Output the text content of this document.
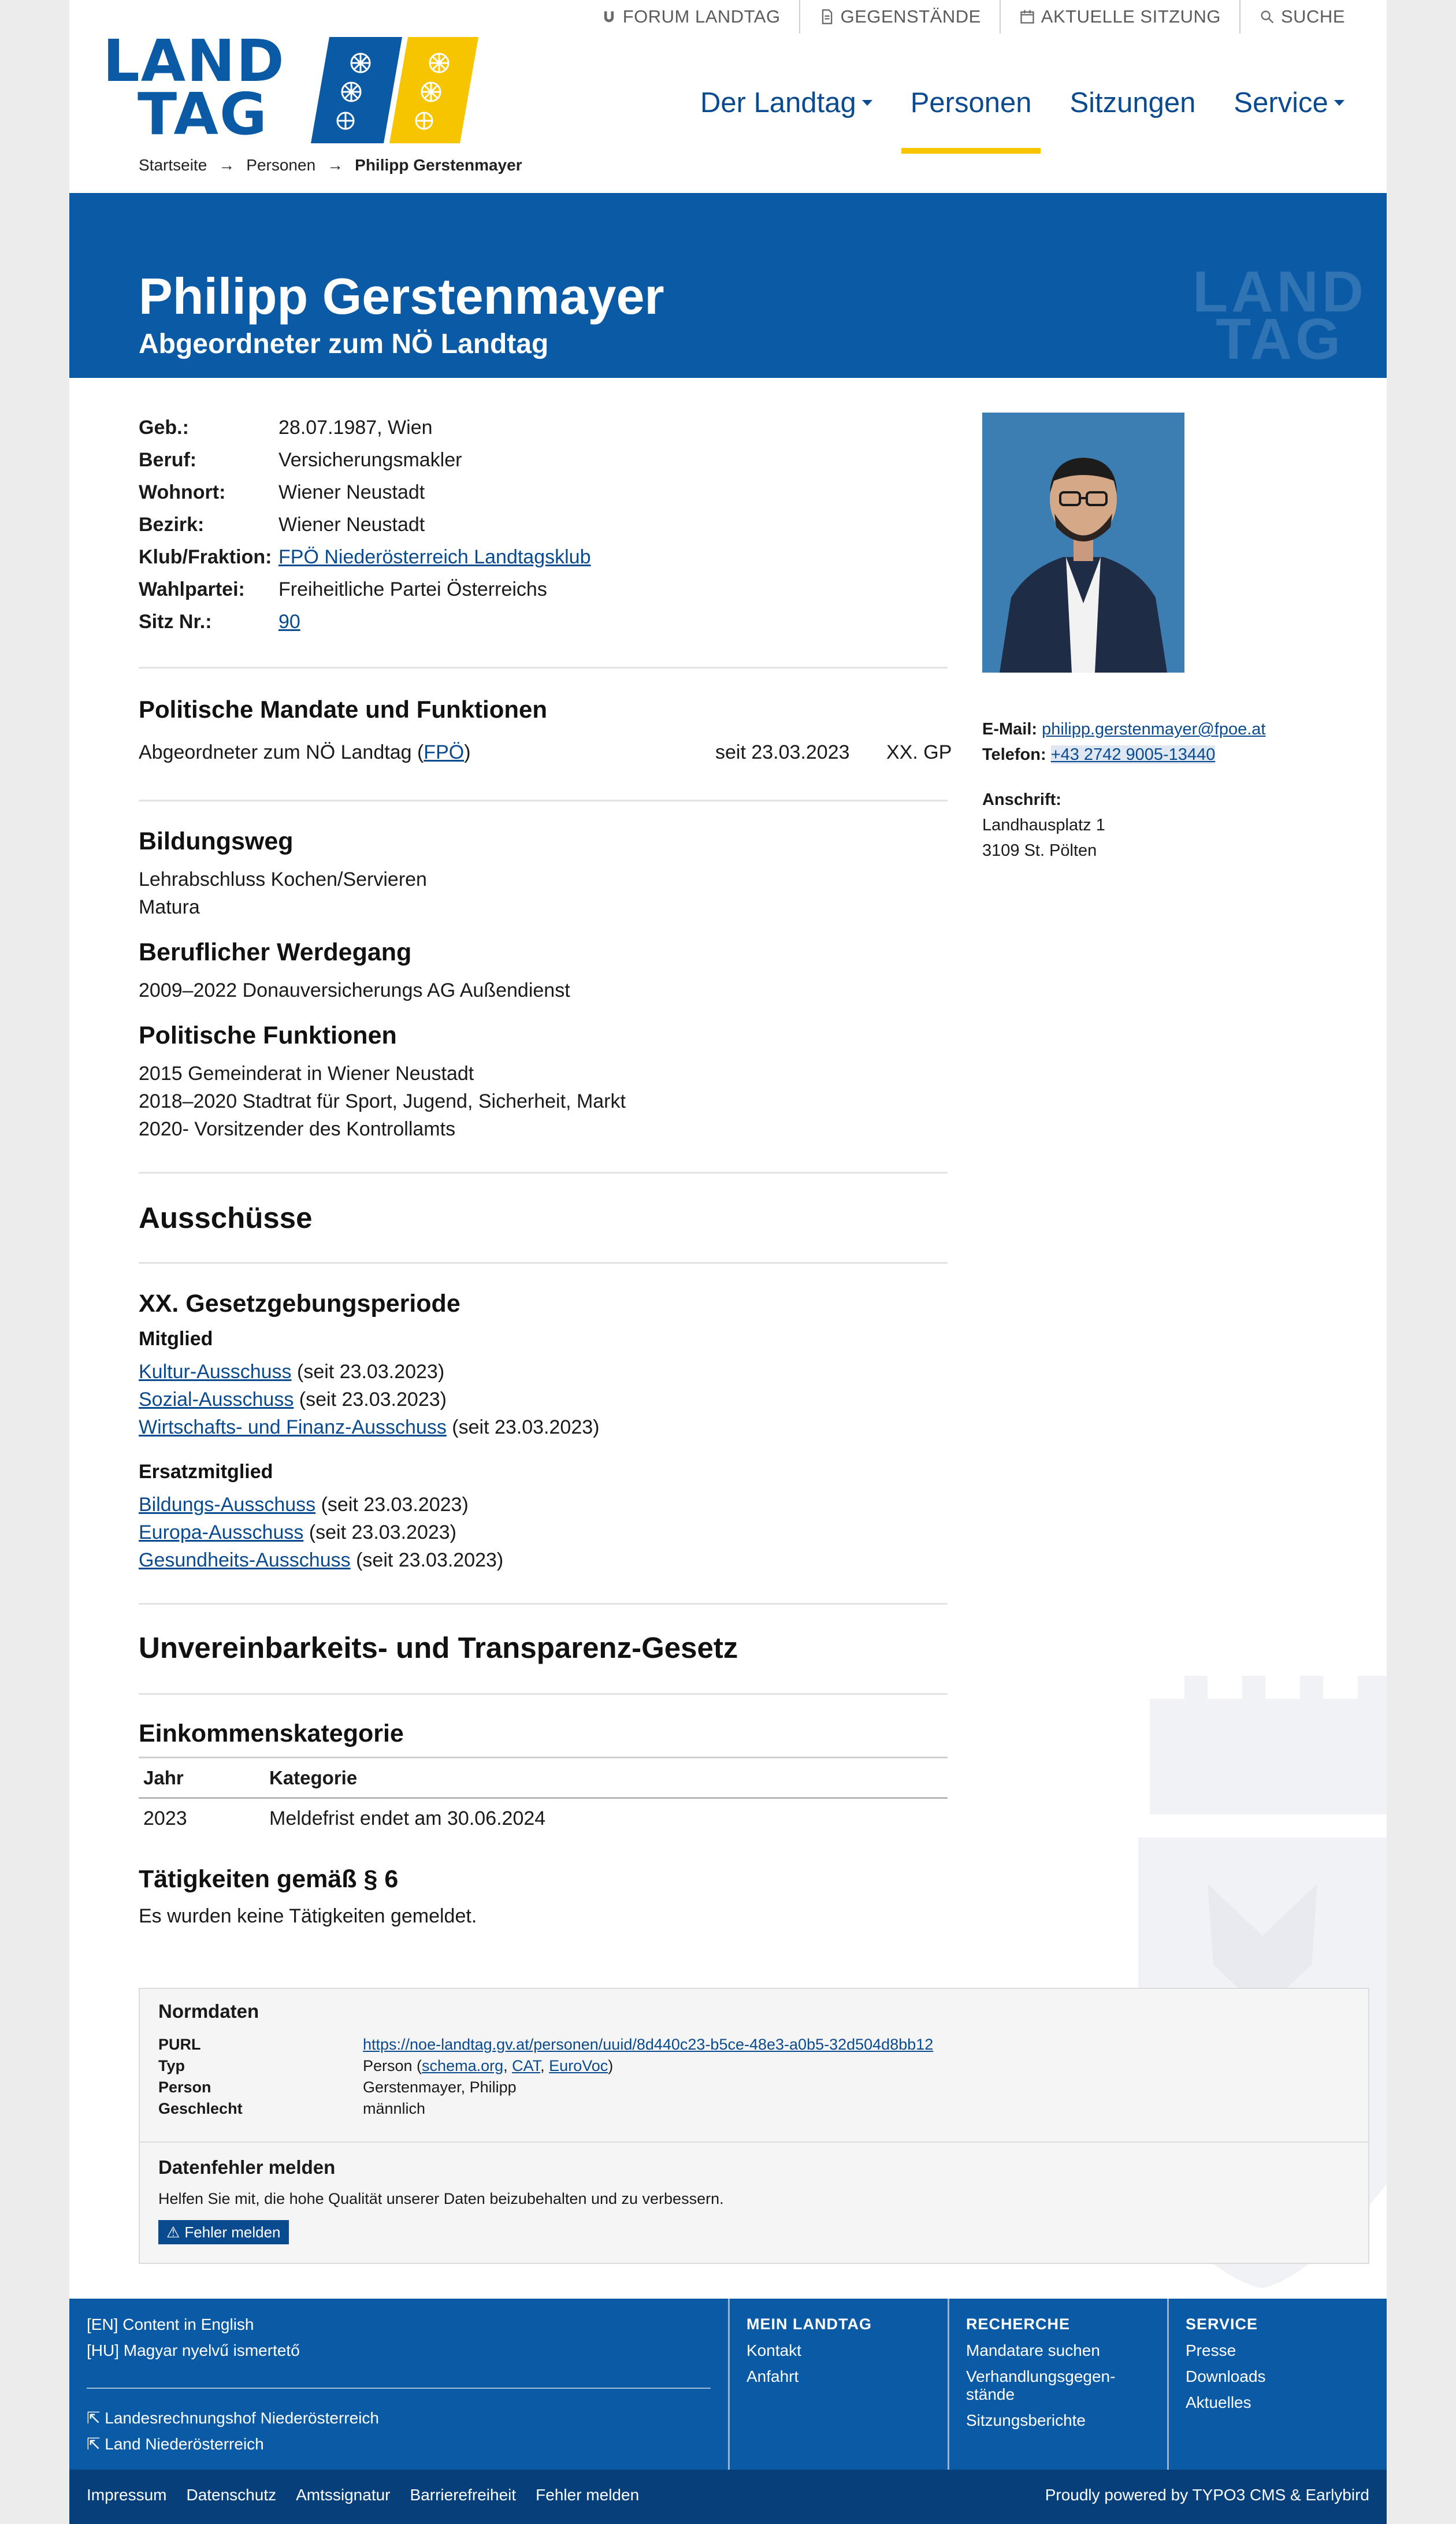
FORUM LANDTAG	GEGENSTÄNDE	AKTUELLE SITZUNG	SUCHE
LAND
TAG	Der Landtag Personen Sitzungen Service
Startseite → Personen → Philipp Gerstenmayer
Philipp Gerstenmayer
Abgeordneter zum NÖ Landtag
LAND
TAG
Geb.:	28.07.1987, Wien
Beruf:	Versicherungsmakler
Wohnort:	Wiener Neustadt
Bezirk:	Wiener Neustadt
Klub/Fraktion: FPÖ Niederösterreich Landtagsklub
Wahlpartei:	Freiheitliche Partei Österreichs
Sitz Nr.:	90
Politische Mandate und Funktionen
Abgeordneter zum NÖ Landtag (FPÖ)	seit 23.03.2023 XX. GP
Bildungsweg
Lehrabschluss Kochen/Servieren
Matura
Beruflicher Werdegang
2009–2022 Donauversicherungs AG Außendienst
Politische Funktionen
2015 Gemeinderat in Wiener Neustadt
2018–2020 Stadtrat für Sport, Jugend, Sicherheit, Markt
2020- Vorsitzender des Kontrollamts
Ausschüsse
XX. Gesetzgebungsperiode
Mitglied
Kultur-Ausschuss (seit 23.03.2023)
Sozial-Ausschuss (seit 23.03.2023)
Wirtschafts- und Finanz-Ausschuss (seit 23.03.2023)
Ersatzmitglied
Bildungs-Ausschuss (seit 23.03.2023)
Europa-Ausschuss (seit 23.03.2023)
Gesundheits-Ausschuss (seit 23.03.2023)
Unvereinbarkeits- und Transparenz-Gesetz
Einkommenskategorie
Jahr	Kategorie
2023	Meldefrist endet am 30.06.2024
Tätigkeiten gemäß § 6
Es wurden keine Tätigkeiten gemeldet.
E-Mail: philipp.gerstenmayer@fpoe.at
Telefon: +43 2742 9005-13440
Anschrift:
Landhausplatz 1
3109 St. Pölten
Normdaten
PURL	https://noe-landtag.gv.at/personen/uuid/8d440c23-b5ce-48e3-a0b5-32d504d8bb12
Typ	Person (schema.org, CAT, EuroVoc)
Person	Gerstenmayer, Philipp
Geschlecht	männlich
Datenfehler melden
Helfen Sie mit, die hohe Qualität unserer Daten beizubehalten und zu verbessern.
⚠ Fehler melden
[EN] Content in English
[HU] Magyar nyelvű ismertető
⇱ Landesrechnungshof Niederösterreich
⇱ Land Niederösterreich
MEIN LANDTAG
Kontakt
Anfahrt
RECHERCHE
Mandatare suchen
Verhandlungsgegen-
stände
Sitzungsberichte
SERVICE
Presse
Downloads
Aktuelles
Impressum Datenschutz Amtssignatur Barrierefreiheit Fehler melden	Proudly powered by TYPO3 CMS & Earlybird
